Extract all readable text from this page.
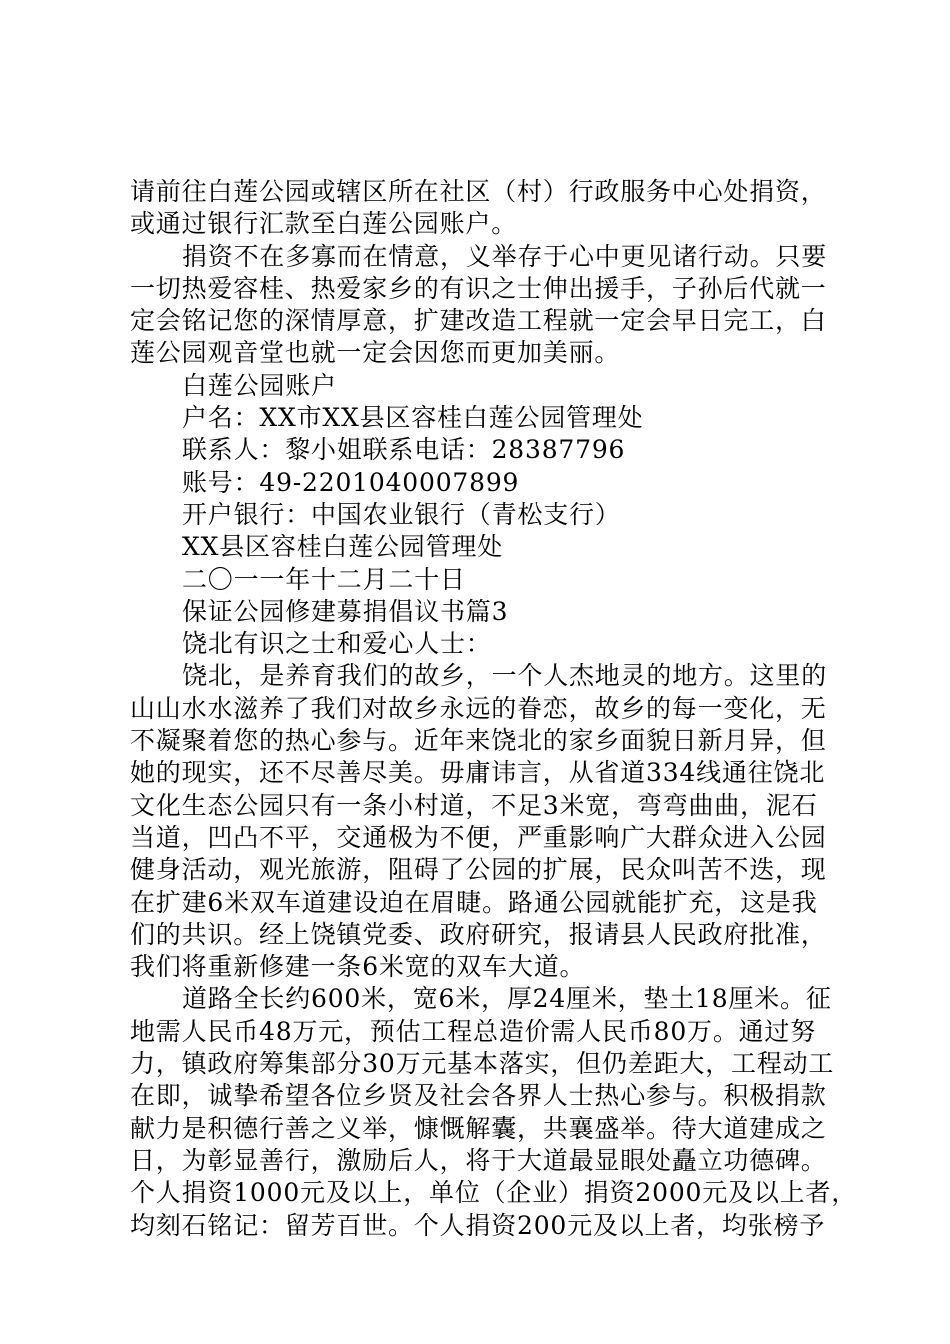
请前往白莲公园或辖区所在社区（村）行政服务中心处捐资，
或通过银行汇款至白莲公园账户。
捐资不在多寡而在情意，义举存于心中更见诸行动。只要
一切热爱容桂、热爱家乡的有识之士伸出援手，子孙后代就一
定会铭记您的深情厚意，扩建改造工程就一定会早日完工，白
莲公园观音堂也就一定会因您而更加美丽。
白莲公园账户
户名：XX市XX县区容桂白莲公园管理处
联系人：黎小姐联系电话：28387796
账号：49-2201040007899
开户银行：中国农业银行（青松支行）
XX县区容桂白莲公园管理处
二〇一一年十二月二十日
保证公园修建募捐倡议书篇3
饶北有识之士和爱心人士：
饶北，是养育我们的故乡，一个人杰地灵的地方。这里的
山山水水滋养了我们对故乡永远的眷恋，故乡的每一变化，无
不凝聚着您的热心参与。近年来饶北的家乡面貌日新月异，但
她的现实，还不尽善尽美。毋庸讳言，从省道334线通往饶北
文化生态公园只有一条小村道，不足3米宽，弯弯曲曲，泥石
当道，凹凸不平，交通极为不便，严重影响广大群众进入公园
健身活动，观光旅游，阻碍了公园的扩展，民众叫苦不迭，现
在扩建6米双车道建设迫在眉睫。路通公园就能扩充，这是我
们的共识。经上饶镇党委、政府研究，报请县人民政府批准，
我们将重新修建一条6米宽的双车大道。
道路全长约600米，宽6米，厚24厘米，垫土18厘米。征
地需人民币48万元，预估工程总造价需人民币80万。通过努
力，镇政府筹集部分30万元基本落实，但仍差距大，工程动工
在即，诚挚希望各位乡贤及社会各界人士热心参与。积极捐款
献力是积德行善之义举，慷慨解囊，共襄盛举。待大道建成之
日，为彰显善行，激励后人，将于大道最显眼处矗立功德碑。
个人捐资1000元及以上，单位（企业）捐资2000元及以上者，
均刻石铭记：留芳百世。个人捐资200元及以上者，均张榜予
